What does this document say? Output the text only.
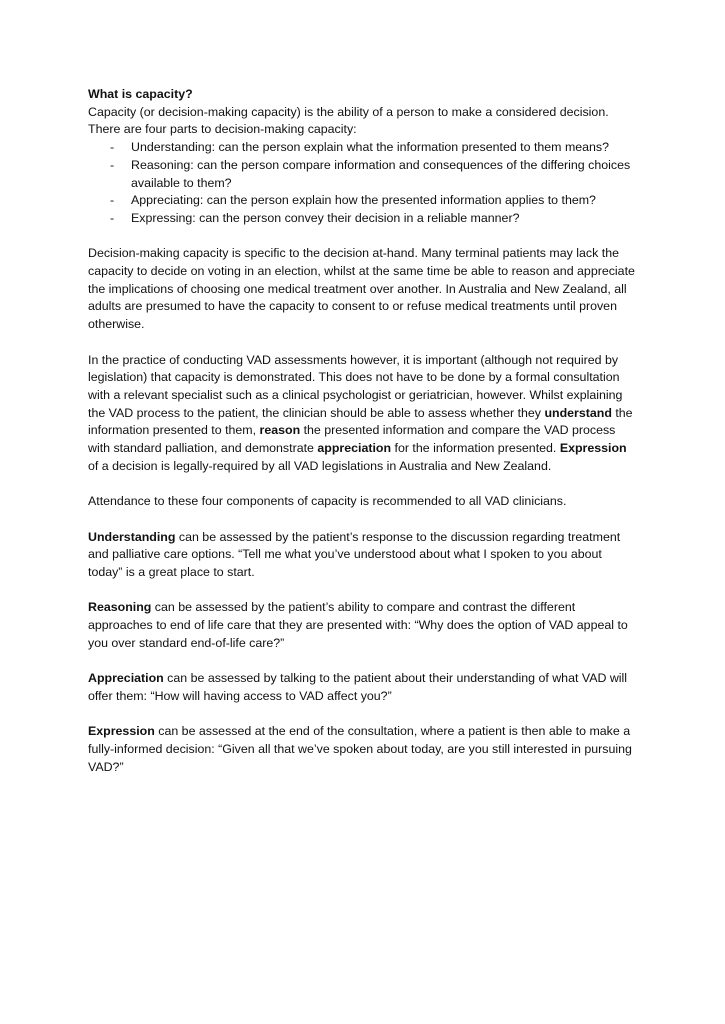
What is capacity?
Capacity (or decision-making capacity) is the ability of a person to make a considered decision. There are four parts to decision-making capacity:
- Understanding: can the person explain what the information presented to them means?
- Reasoning: can the person compare information and consequences of the differing choices available to them?
- Appreciating: can the person explain how the presented information applies to them?
- Expressing: can the person convey their decision in a reliable manner?

Decision-making capacity is specific to the decision at-hand. Many terminal patients may lack the capacity to decide on voting in an election, whilst at the same time be able to reason and appreciate the implications of choosing one medical treatment over another. In Australia and New Zealand, all adults are presumed to have the capacity to consent to or refuse medical treatments until proven otherwise.

In the practice of conducting VAD assessments however, it is important (although not required by legislation) that capacity is demonstrated. This does not have to be done by a formal consultation with a relevant specialist such as a clinical psychologist or geriatrician, however. Whilst explaining the VAD process to the patient, the clinician should be able to assess whether they understand the information presented to them, reason the presented information and compare the VAD process with standard palliation, and demonstrate appreciation for the information presented. Expression of a decision is legally-required by all VAD legislations in Australia and New Zealand.

Attendance to these four components of capacity is recommended to all VAD clinicians.

Understanding can be assessed by the patient’s response to the discussion regarding treatment and palliative care options. “Tell me what you’ve understood about what I spoken to you about today” is a great place to start.

Reasoning can be assessed by the patient’s ability to compare and contrast the different approaches to end of life care that they are presented with: “Why does the option of VAD appeal to you over standard end-of-life care?”

Appreciation can be assessed by talking to the patient about their understanding of what VAD will offer them: “How will having access to VAD affect you?”

Expression can be assessed at the end of the consultation, where a patient is then able to make a fully-informed decision: “Given all that we’ve spoken about today, are you still interested in pursuing VAD?”
